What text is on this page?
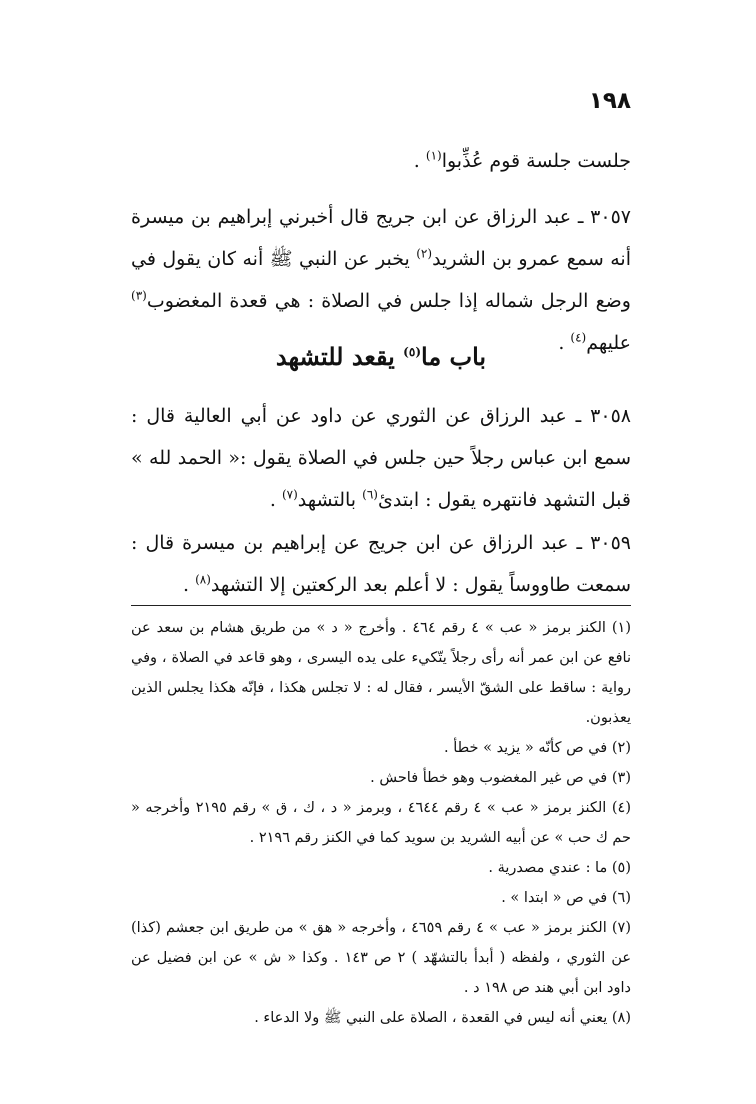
١٩٨

جلست جلسة قوم عُذِّبوا$^{(١)}$ .

٣٠٥٧ ـ عبد الرزاق عن ابن جريج قال أخبرني إبراهيم بن ميسرة أنه سمع عمرو بن الشريد$^{(٢)}$ يخبر عن النبي ﷺ أنه كان يقول في وضع الرجل شماله إذا جلس في الصلاة : هي قعدة المغضوب$^{(٣)}$ عليهم$^{(٤)}$ .

باب ما$^{(٥)}$ يقعد للتشهد

٣٠٥٨ ـ عبد الرزاق عن الثوري عن داود عن أبي العالية قال : سمع ابن عباس رجلاً حين جلس في الصلاة يقول :« الحمد لله » قبل التشهد فانتهره يقول : ابتدئ$^{(٦)}$ بالتشهد$^{(٧)}$ .

٣٠٥٩ ـ عبد الرزاق عن ابن جريج عن إبراهيم بن ميسرة قال : سمعت طاووساً يقول : لا أعلم بعد الركعتين إلا التشهد$^{(٨)}$ .

(١) الكنز برمز « عب » ٤ رقم ٤٦٤ . وأخرج « د » من طريق هشام بن سعد عن نافع عن ابن عمر أنه رأى رجلاً يتّكيء على يده اليسرى ، وهو قاعد في الصلاة ، وفي رواية : ساقط على الشقّ الأيسر ، فقال له : لا تجلس هكذا ، فإنّه هكذا يجلس الذين يعذبون.

(٢) في ص كأنّه « يزيد » خطأ .

(٣) في ص غير المغضوب وهو خطأ فاحش .

(٤) الكنز برمز « عب » ٤ رقم ٤٦٤٤ ، وبرمز « د ، ك ، ق » رقم ٢١٩٥ وأخرجه « حم ك حب » عن أبيه الشريد بن سويد كما في الكنز رقم ٢١٩٦ .

(٥) ما : عندي مصدرية .

(٦) في ص « ابتدا » .

(٧) الكنز برمز « عب » ٤ رقم ٤٦٥٩ ، وأخرجه « هق » من طريق ابن جعشم (كذا) عن الثوري ، ولفظه ( أبدأ بالتشهّد ) ٢ ص ١٤٣ . وكذا « ش » عن ابن فضيل عن داود ابن أبي هند ص ١٩٨ د .

(٨) يعني أنه ليس في القعدة ، الصلاة على النبي ﷺ ولا الدعاء .
